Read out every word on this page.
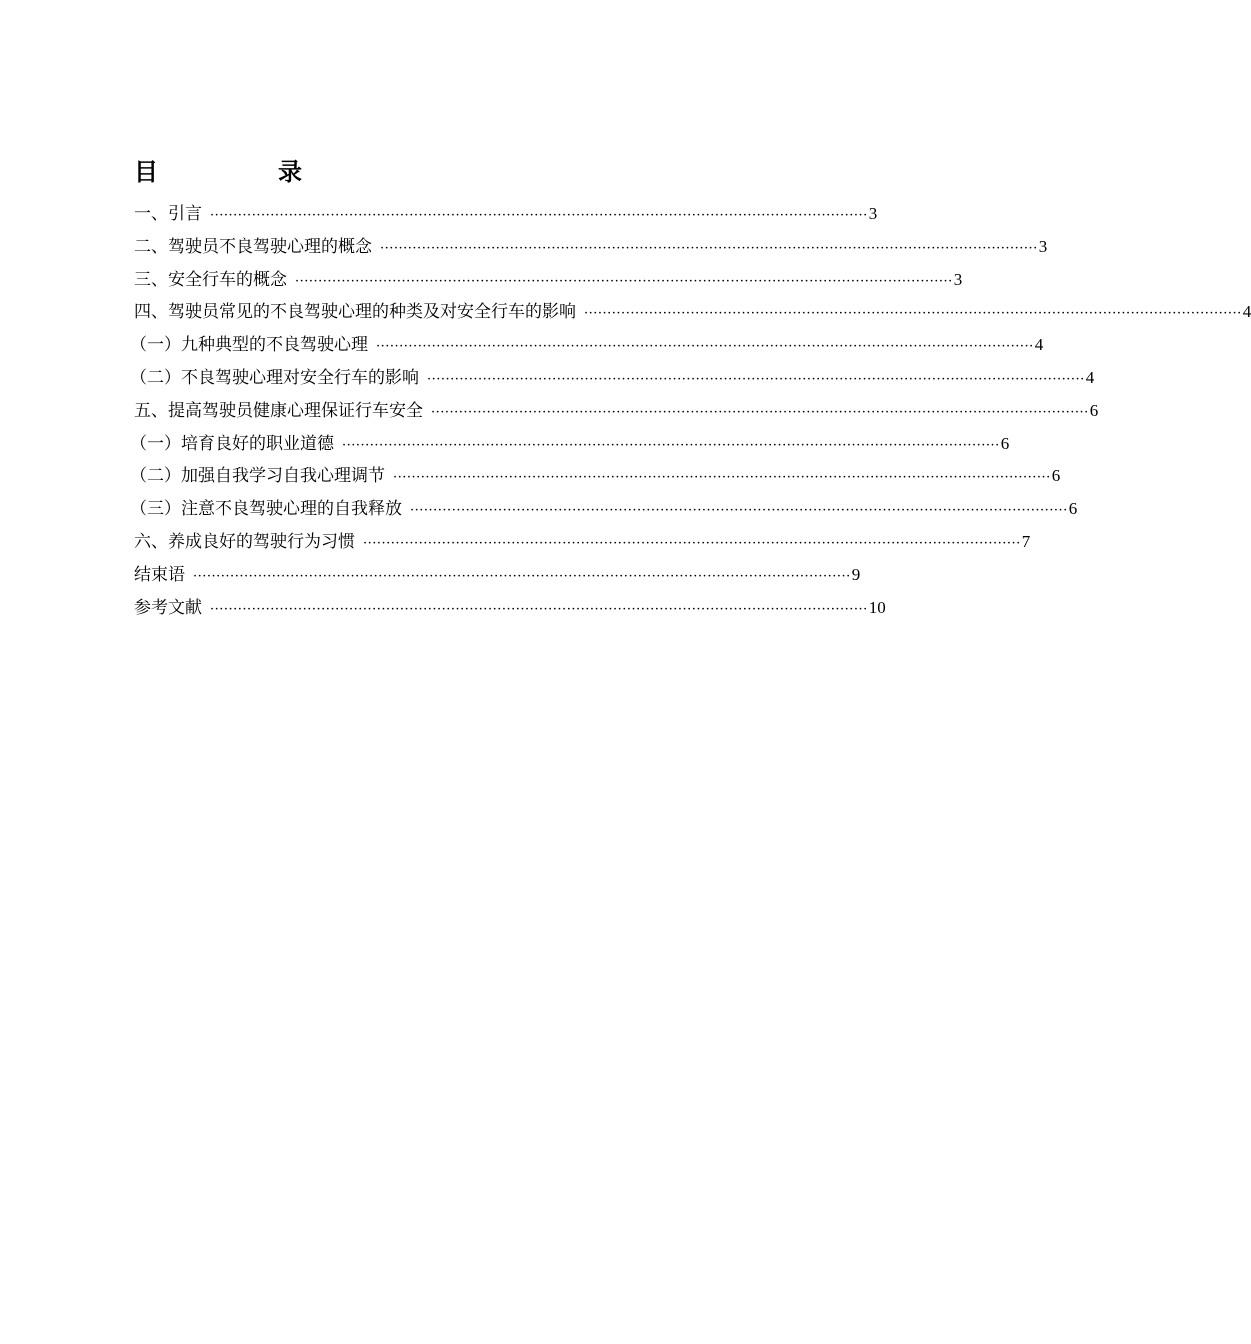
目　录
一、引言 ·············································································································································· 3
二、驾驶员不良驾驶心理的概念 ·············································································································································· 3
三、安全行车的概念 ·············································································································································· 3
四、驾驶员常见的不良驾驶心理的种类及对安全行车的影响 ·············································································································································· 4
（一）九种典型的不良驾驶心理 ·············································································································································· 4
（二）不良驾驶心理对安全行车的影响 ·············································································································································· 4
五、提高驾驶员健康心理保证行车安全 ·············································································································································· 6
（一）培育良好的职业道德 ·············································································································································· 6
（二）加强自我学习自我心理调节 ·············································································································································· 6
（三）注意不良驾驶心理的自我释放 ·············································································································································· 6
六、养成良好的驾驶行为习惯 ·············································································································································· 7
结束语 ·············································································································································· 9
参考文献 ·············································································································································· 10
